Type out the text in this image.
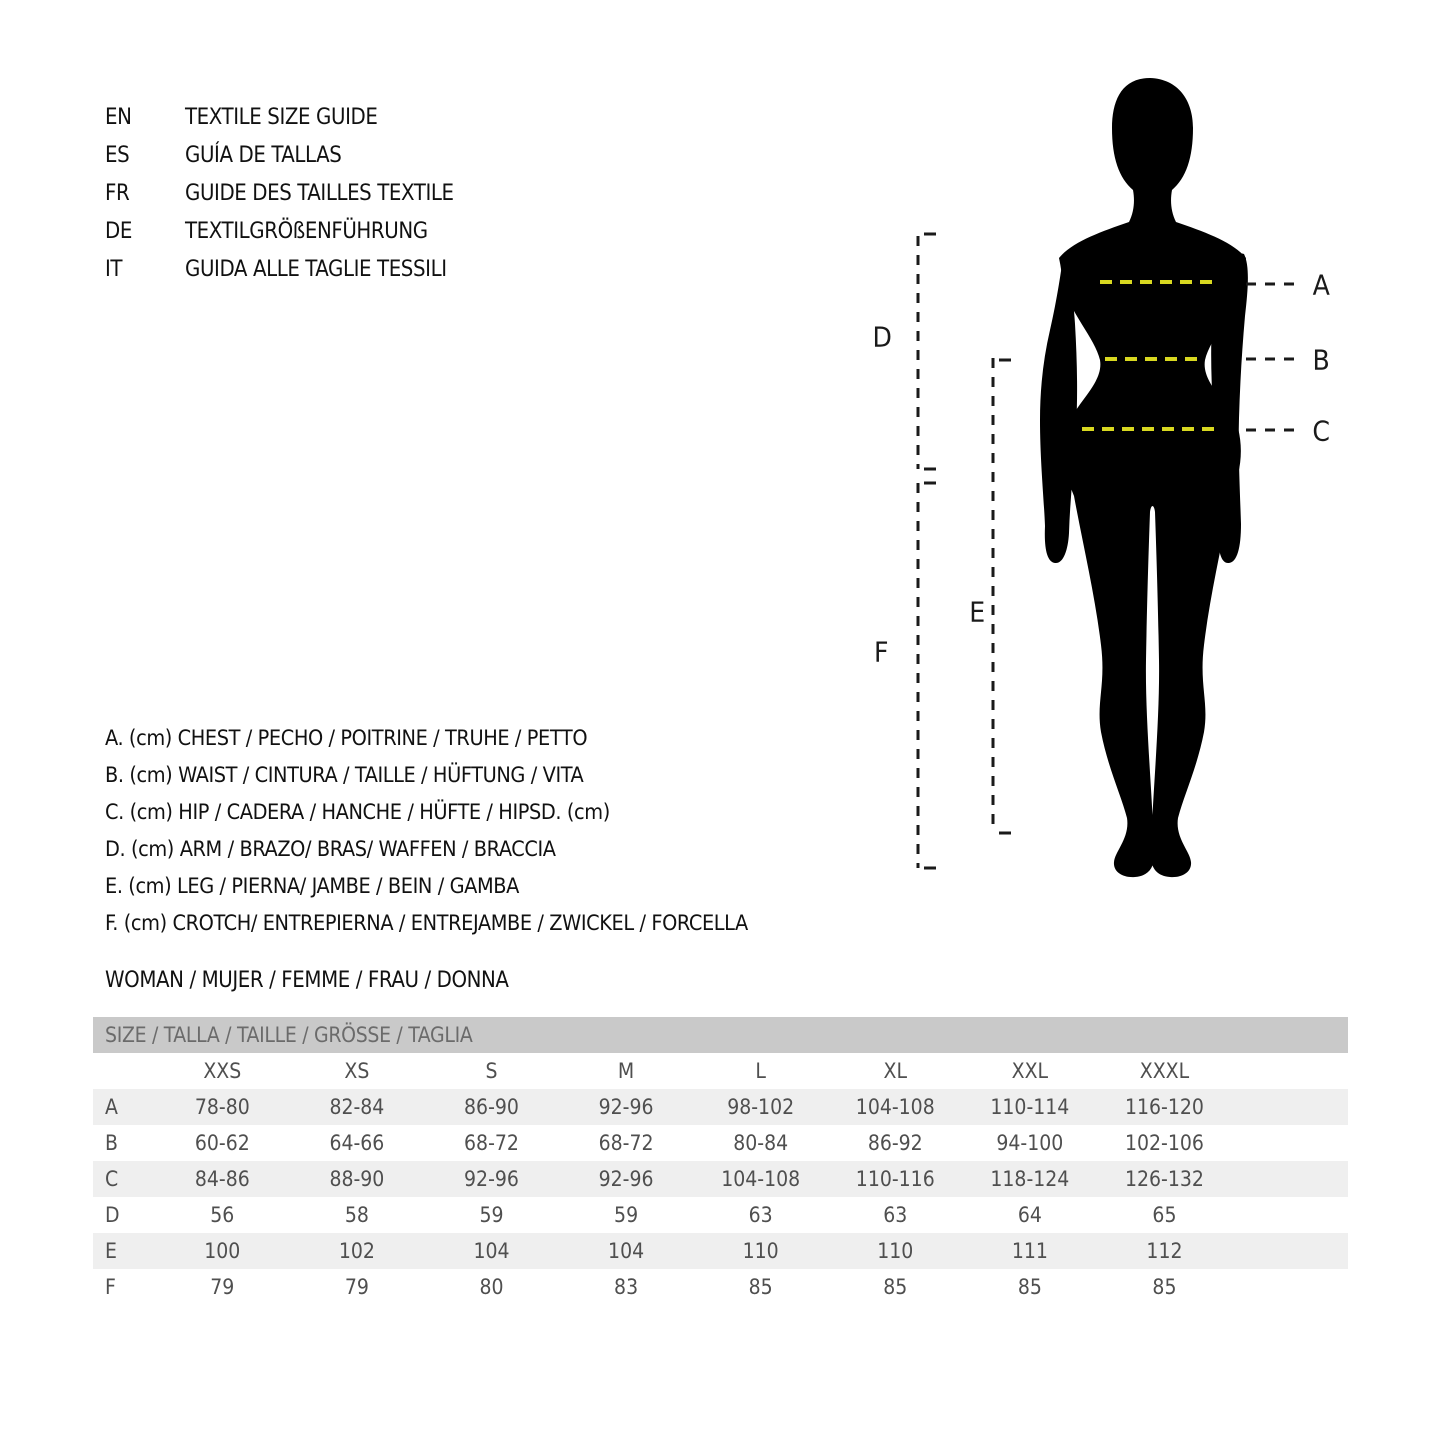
EN	TEXTILE SIZE GUIDE
ES	GUÍA DE TALLAS
FR	GUIDE DES TAILLES TEXTILE
DE	TEXTILGRÖßENFÜHRUNG
IT	GUIDA ALLE TAGLIE TESSILI	A
B
C
D
E
F
A. (cm) CHEST / PECHO / POITRINE / TRUHE / PETTO
B. (cm) WAIST / CINTURA / TAILLE / HÜFTUNG / VITA
C. (cm) HIP / CADERA / HANCHE / HÜFTE / HIPSD. (cm)
D. (cm) ARM / BRAZO/ BRAS/ WAFFEN / BRACCIA
E. (cm) LEG / PIERNA/ JAMBE / BEIN / GAMBA
F. (cm) CROTCH/ ENTREPIERNA / ENTREJAMBE / ZWICKEL / FORCELLA
WOMAN / MUJER / FEMME / FRAU / DONNA
SIZE / TALLA / TAILLE / GRÖSSE / TAGLIA
XXS	XS	S	M	L	XL	XXL	XXXL
A	78-80	82-84	86-90	92-96	98-102	104-108	110-114	116-120
B	60-62	64-66	68-72	68-72	80-84	86-92	94-100	102-106
C	84-86	88-90	92-96	92-96	104-108	110-116	118-124	126-132
D	56	58	59	59	63	63	64	65
E	100	102	104	104	110	110	111	112
F	79	79	80	83	85	85	85	85
